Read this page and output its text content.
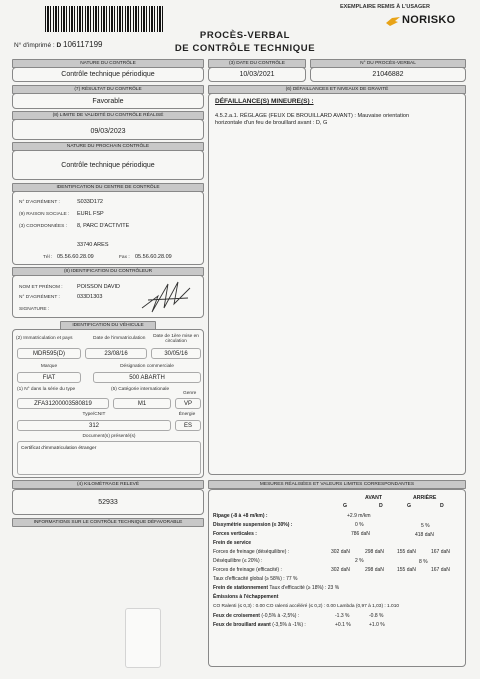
EXEMPLAIRE REMIS À L'USAGER
NORISKO
PROCÈS-VERBAL
DE CONTRÔLE TECHNIQUE
N° d'imprimé : D 106117199
NATURE DU CONTRÔLE
Contrôle technique périodique
(3) DATE DU CONTRÔLE
10/03/2021
N° DU PROCÈS-VERBAL
21046882
(7) RÉSULTAT DU CONTRÔLE
Favorable
(8) LIMITE DE VALIDITÉ DU CONTRÔLE RÉALISÉ
09/03/2023
NATURE DU PROCHAIN CONTRÔLE
Contrôle technique périodique
(6) DÉFAILLANCES ET NIVEAUX DE GRAVITÉ
DÉFAILLANCE(S) MINEURE(S) :
4.5.2.a.1. RÉGLAGE (FEUX DE BROUILLARD AVANT) : Mauvaise orientation
horizontale d'un feu de brouillard avant : D, G
IDENTIFICATION DU CENTRE DE CONTRÔLE
N° D'AGRÉMENT :	S033D172
(9) RAISON SOCIALE : EURL FSP
(3) COORDONNÉES : 8, PARC D'ACTIVITE
33740 ARES
Tél : 05.56.60.28.09	Fax : 05.56.60.28.09
(8) IDENTIFICATION DU CONTRÔLEUR
NOM ET PRÉNOM :	POISSON DAVID
N° D'AGRÉMENT :	033D1303
SIGNATURE :
IDENTIFICATION DU VÉHICULE
(2) Immatriculation et pays	Date de l'immatriculation	Date de 1ère mise en circulation
MDR595(D)	23/08/16	30/05/16
Marque	Désignation commerciale
FIAT	500 ABARTH
(1) N° dans la série du type	(5) Catégorie internationale
Genre
ZFA31200003580819	M1	VP
Type/CNIT	Énergie
312	ES
Document(s) présenté(s)
Certificat d'immatriculation étranger
(4) KILOMÉTRAGE RELEVÉ
52933
INFORMATIONS SUR LE CONTRÔLE TECHNIQUE DÉFAVORABLE
MESURES RÉALISÉES ET VALEURS LIMITES CORRESPONDANTES
AVANT	ARRIÈRE
G	D	G	D
Ripage (-8 à +8 m/km) :	+2.9 m/km
Dissymétrie suspension (≤ 30%) :	0 %	5 %
Forces verticales :	786 daN	418 daN
Frein de service
Forces de freinage (déséquilibre) :	302 daN	298 daN	155 daN	167 daN
Déséquilibre (≤ 20%) :	2 %	8 %
Forces de freinage (efficacité) :	302 daN	298 daN	155 daN	167 daN
Taux d'efficacité global (≥ 58%) : 77 %
Frein de stationnement Taux d'efficacité (≥ 18%) : 23 %
Émissions à l'échappement
CO Ralenti (≤ 0,3) : 0.00 CO ralenti accéléré (≤ 0,2) : 0.00 Lambda (0,97 à 1,03) : 1.010
Feux de croisement (-0,5% à -2,5%) :	-1.3 %	-0.8 %
Feux de brouillard avant (-3,5% à -1%) :	+0.1 %	+1.0 %
